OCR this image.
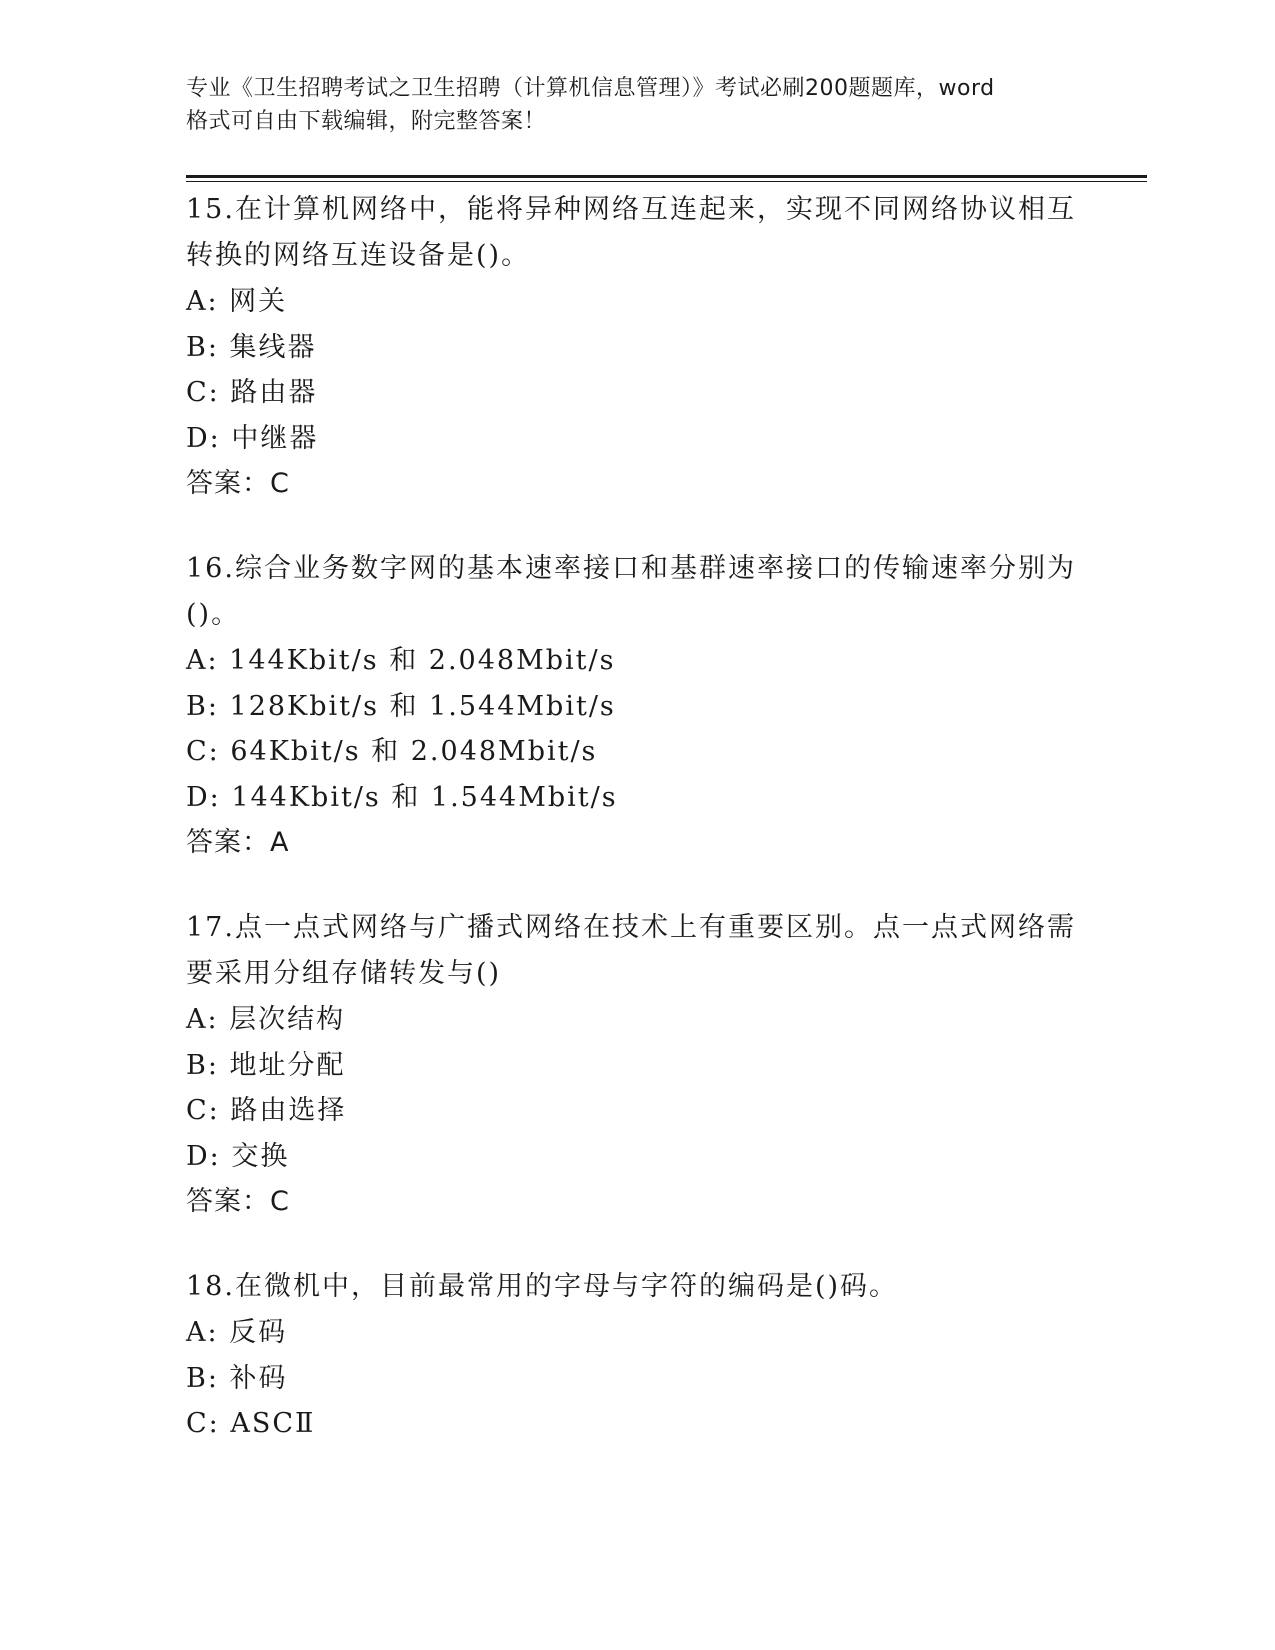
专业《卫生招聘考试之卫生招聘（计算机信息管理）》考试必刷200题题库，word
格式可自由下载编辑，附完整答案！
15.在计算机网络中，能将异种网络互连起来，实现不同网络协议相互
转换的网络互连设备是()。
A: 网关
B: 集线器
C: 路由器
D: 中继器
答案：C
16.综合业务数字网的基本速率接口和基群速率接口的传输速率分别为
()。
A: 144Kbit/s 和 2.048Mbit/s
B: 128Kbit/s 和 1.544Mbit/s
C: 64Kbit/s 和 2.048Mbit/s
D: 144Kbit/s 和 1.544Mbit/s
答案：A
17.点一点式网络与广播式网络在技术上有重要区别。点一点式网络需
要采用分组存储转发与()
A: 层次结构
B: 地址分配
C: 路由选择
D: 交换
答案：C
18.在微机中，目前最常用的字母与字符的编码是()码。
A: 反码
B: 补码
C: ASCⅡ
